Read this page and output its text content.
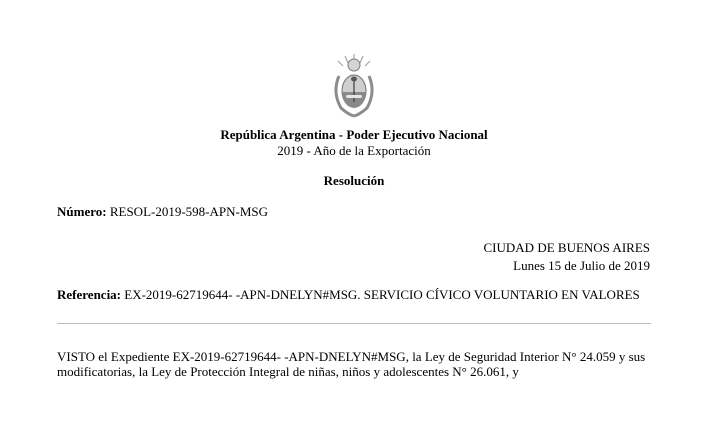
República Argentina - Poder Ejecutivo Nacional
2019 - Año de la Exportación
Resolución
Número: RESOL-2019-598-APN-MSG
CIUDAD DE BUENOS AIRES
Lunes 15 de Julio de 2019
Referencia: EX-2019-62719644- -APN-DNELYN#MSG. SERVICIO CÍVICO VOLUNTARIO EN VALORES
VISTO el Expediente EX-2019-62719644- -APN-DNELYN#MSG, la Ley de Seguridad Interior N° 24.059 y sus modificatorias, la Ley de Protección Integral de niñas, niños y adolescentes N° 26.061, y
